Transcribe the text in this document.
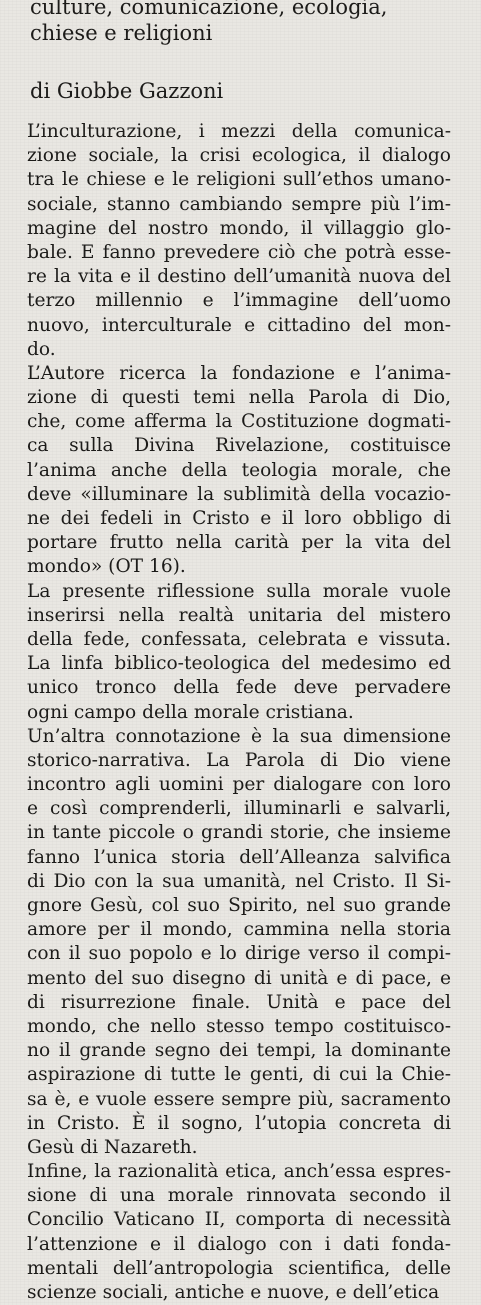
culture, comunicazione, ecologia,
chiese e religioni
di Giobbe Gazzoni
L’inculturazione, i mezzi della comunica-
zione sociale, la crisi ecologica, il dialogo
tra le chiese e le religioni sull’ethos umano-
sociale, stanno cambiando sempre più l’im-
magine del nostro mondo, il villaggio glo-
bale. E fanno prevedere ciò che potrà esse-
re la vita e il destino dell’umanità nuova del
terzo millennio e l’immagine dell’uomo
nuovo, interculturale e cittadino del mon-
do.
L’Autore ricerca la fondazione e l’anima-
zione di questi temi nella Parola di Dio,
che, come afferma la Costituzione dogmati-
ca sulla Divina Rivelazione, costituisce
l’anima anche della teologia morale, che
deve «illuminare la sublimità della vocazio-
ne dei fedeli in Cristo e il loro obbligo di
portare frutto nella carità per la vita del
mondo» (OT 16).
La presente riflessione sulla morale vuole
inserirsi nella realtà unitaria del mistero
della fede, confessata, celebrata e vissuta.
La linfa biblico-teologica del medesimo ed
unico tronco della fede deve pervadere
ogni campo della morale cristiana.
Un’altra connotazione è la sua dimensione
storico-narrativa. La Parola di Dio viene
incontro agli uomini per dialogare con loro
e così comprenderli, illuminarli e salvarli,
in tante piccole o grandi storie, che insieme
fanno l’unica storia dell’Alleanza salvifica
di Dio con la sua umanità, nel Cristo. Il Si-
gnore Gesù, col suo Spirito, nel suo grande
amore per il mondo, cammina nella storia
con il suo popolo e lo dirige verso il compi-
mento del suo disegno di unità e di pace, e
di risurrezione finale. Unità e pace del
mondo, che nello stesso tempo costituisco-
no il grande segno dei tempi, la dominante
aspirazione di tutte le genti, di cui la Chie-
sa è, e vuole essere sempre più, sacramento
in Cristo. È il sogno, l’utopia concreta di
Gesù di Nazareth.
Infine, la razionalità etica, anch’essa espres-
sione di una morale rinnovata secondo il
Concilio Vaticano II, comporta di necessità
l’attenzione e il dialogo con i dati fonda-
mentali dell’antropologia scientifica, delle
scienze sociali, antiche e nuove, e dell’etica
